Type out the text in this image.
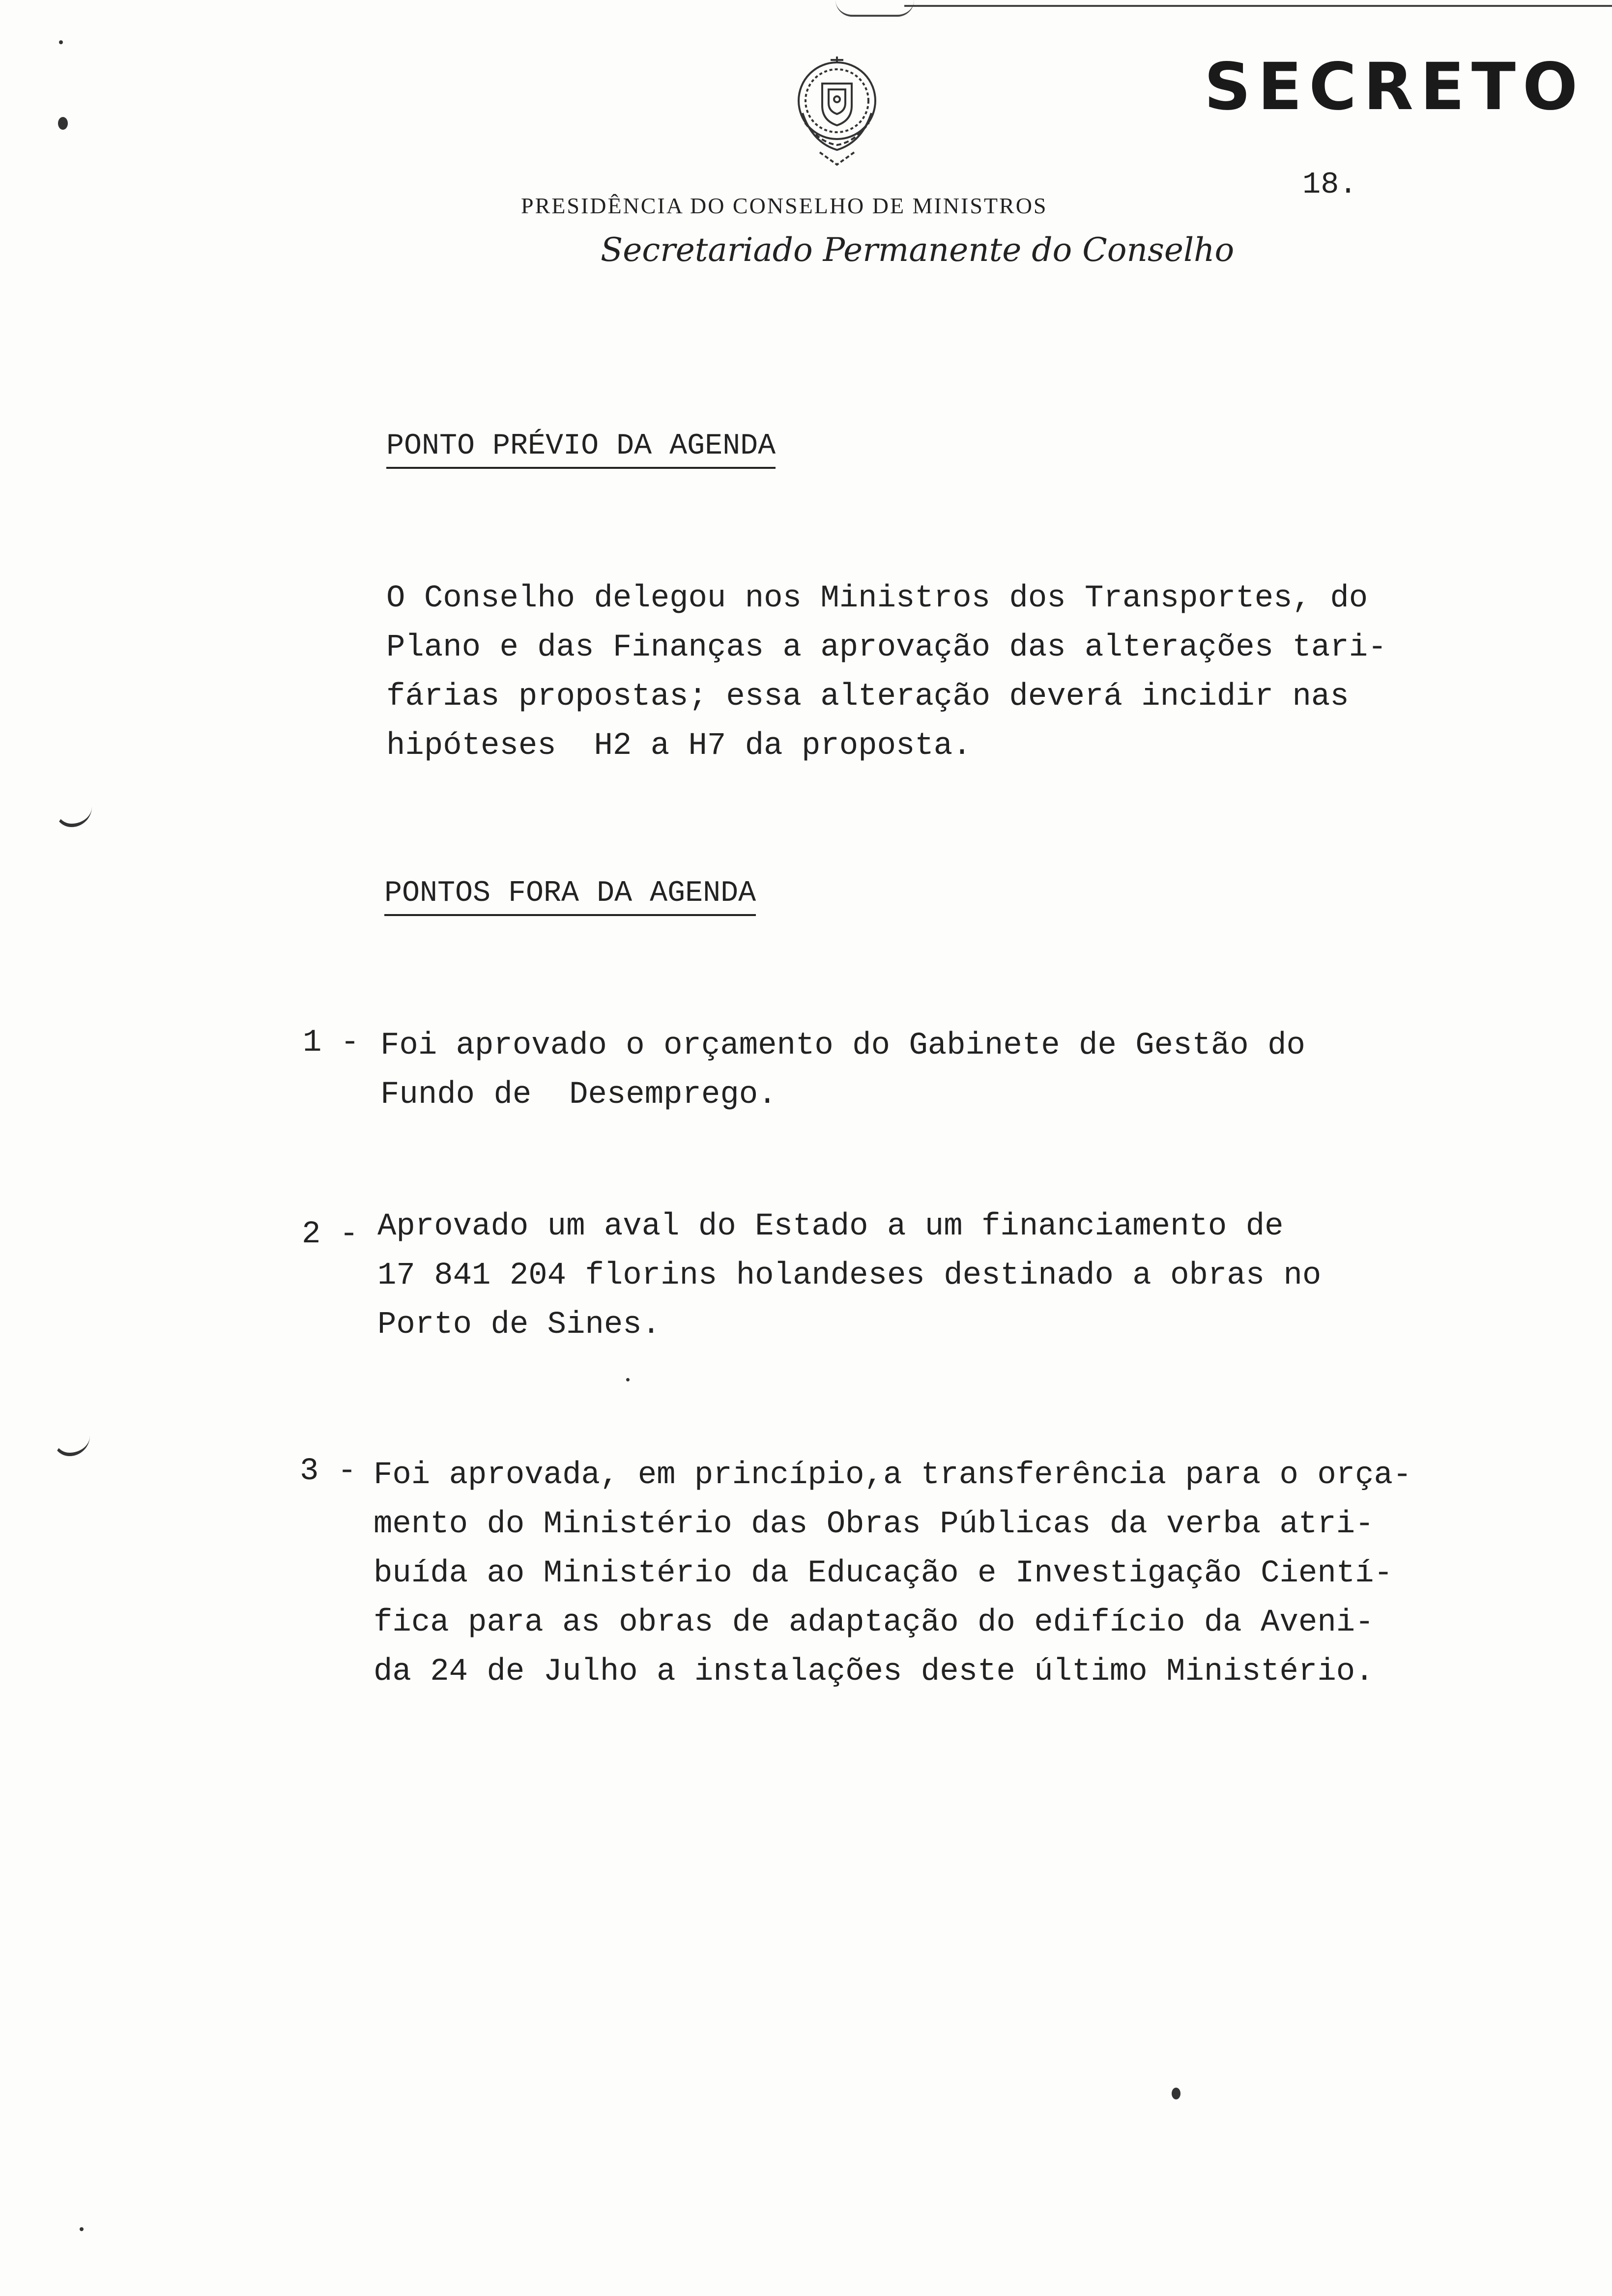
SECRETO
18.
PRESIDÊNCIA DO CONSELHO DE MINISTROS
Secretariado Permanente do Conselho
PONTO PRÉVIO DA AGENDA
O Conselho delegou nos Ministros dos Transportes, do
Plano e das Finanças a aprovação das alterações tari-
fárias propostas; essa alteração deverá incidir nas
hipóteses  H2 a H7 da proposta.
PONTOS FORA DA AGENDA
1 - Foi aprovado o orçamento do Gabinete de Gestão do
Fundo de  Desemprego.
2 - Aprovado um aval do Estado a um financiamento de
17 841 204 florins holandeses destinado a obras no
Porto de Sines.
3 - Foi aprovada, em princípio,a transferência para o orça-
mento do Ministério das Obras Públicas da verba atri-
buída ao Ministério da Educação e Investigação Cientí-
fica para as obras de adaptação do edifício da Aveni-
da 24 de Julho a instalações deste último Ministério.
